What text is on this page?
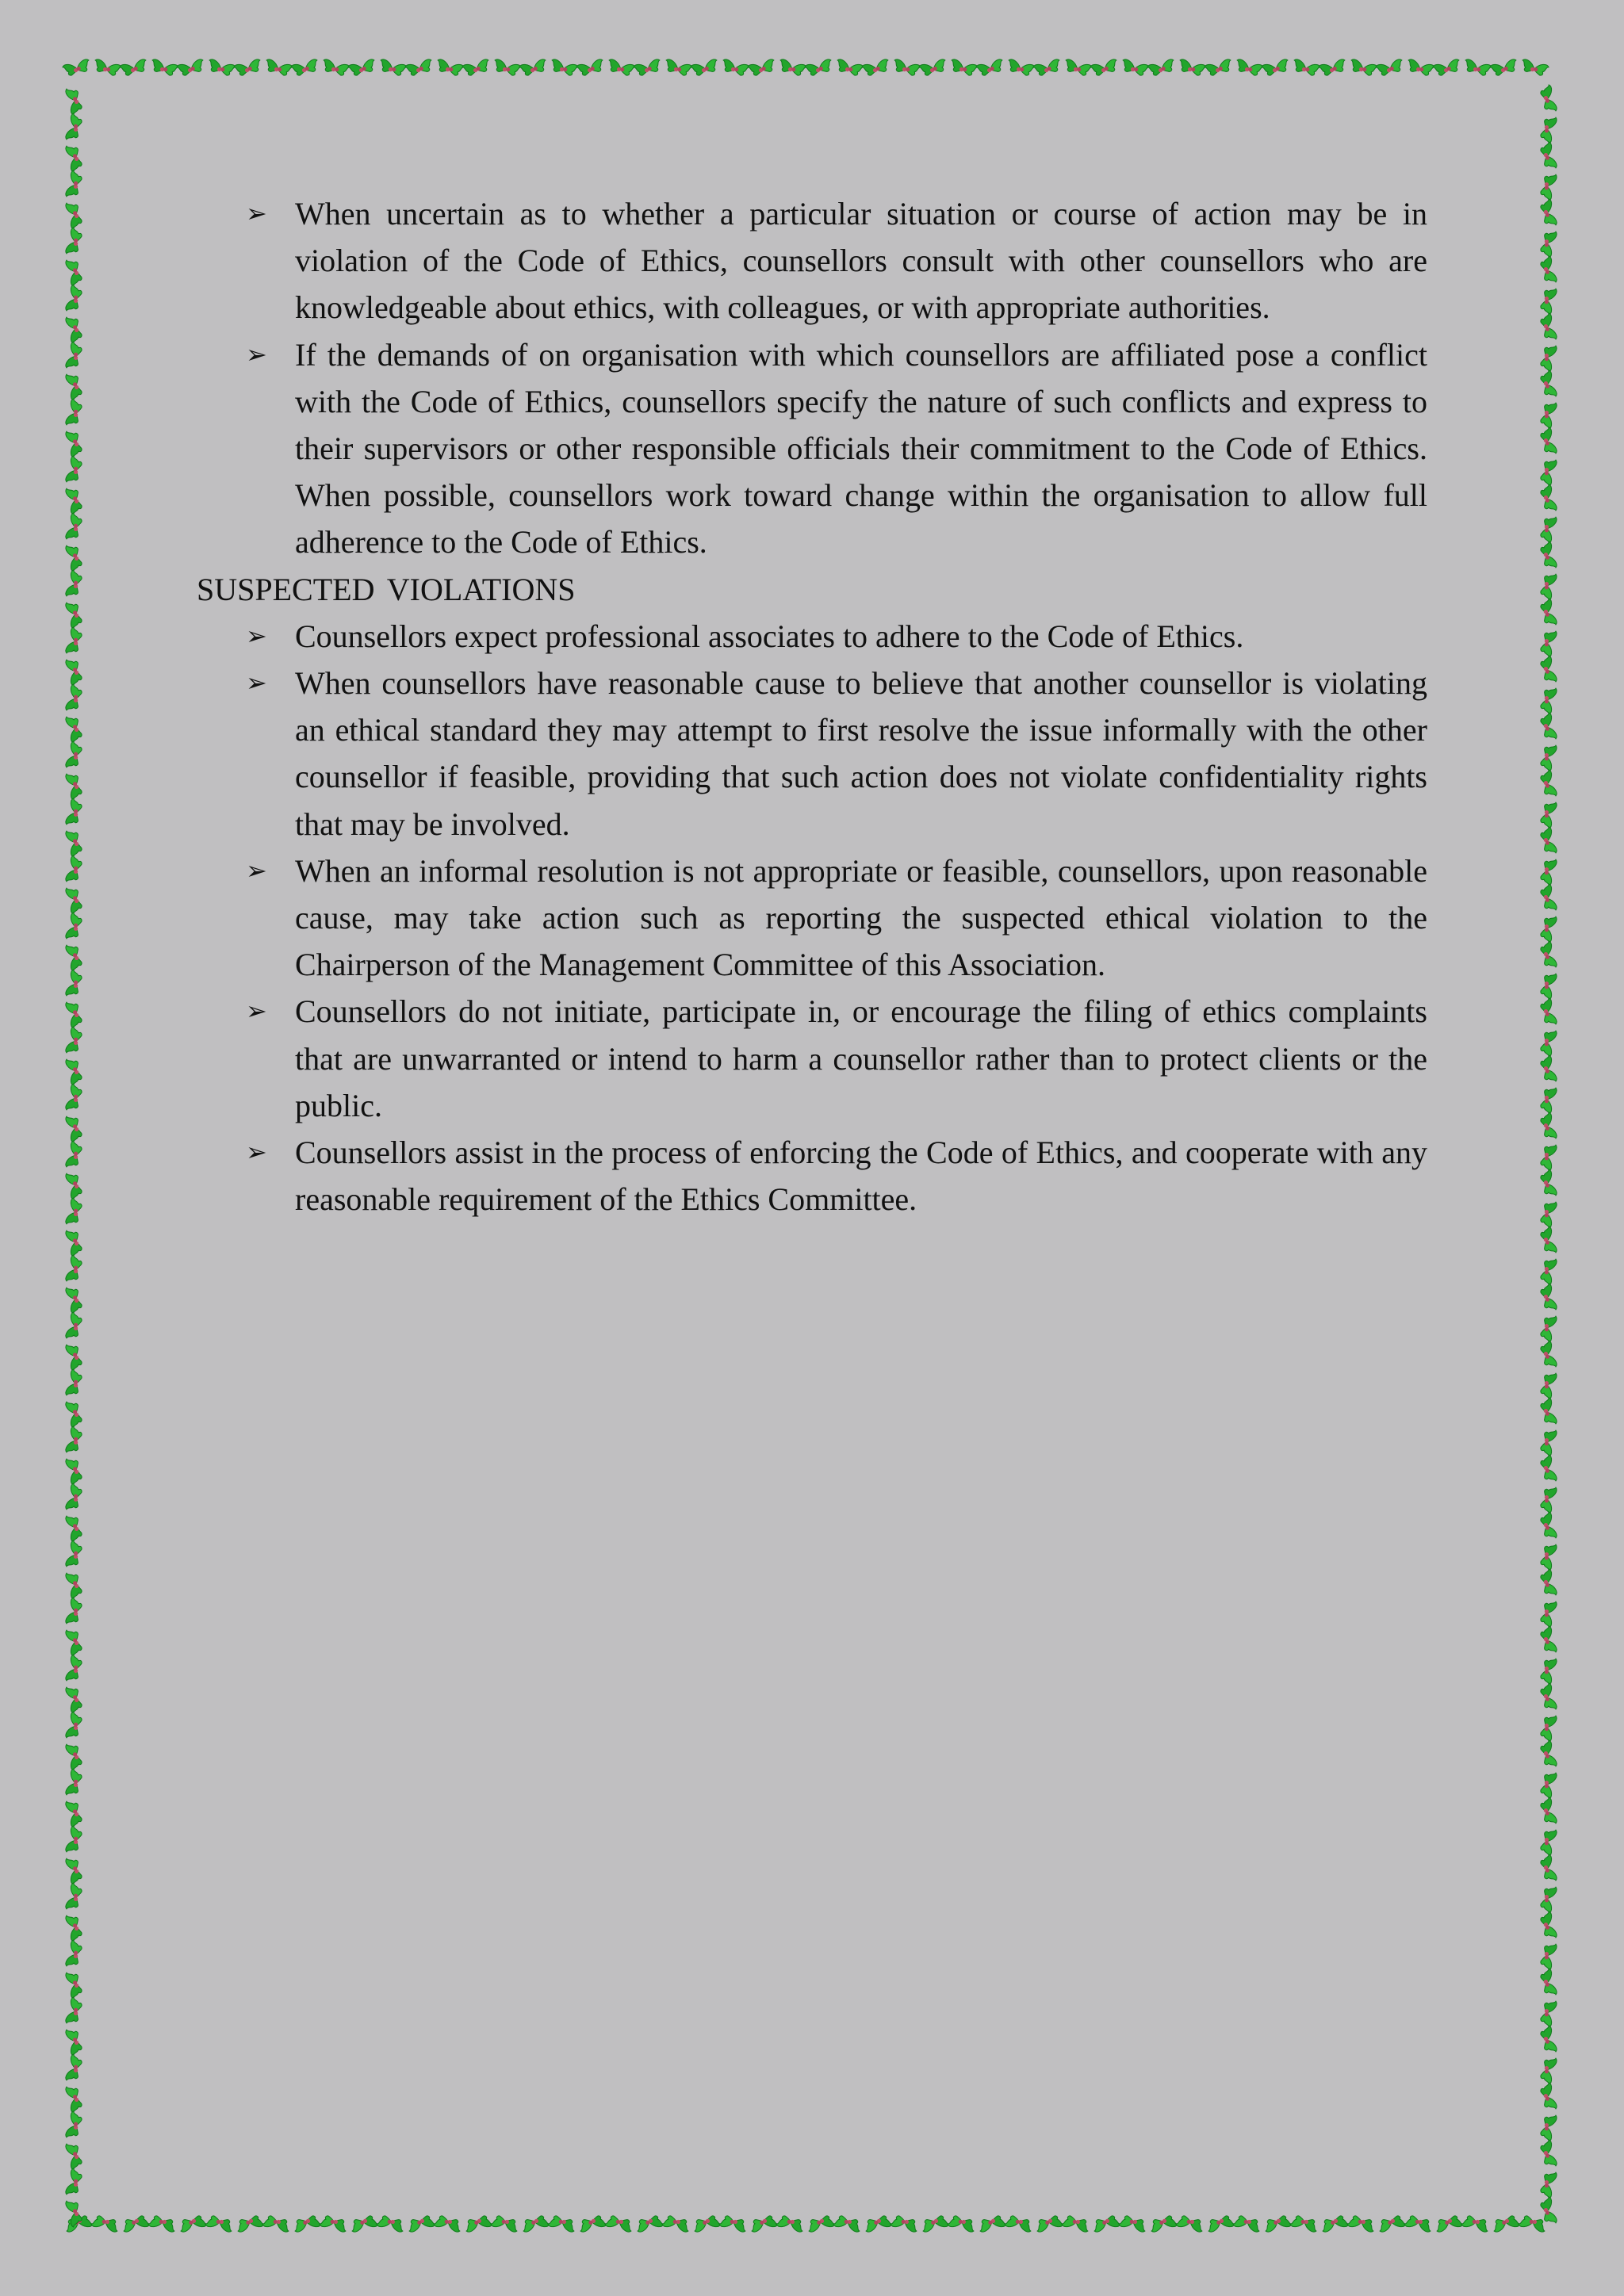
➢ When uncertain as to whether a particular situation or course of action may be in violation of the Code of Ethics, counsellors consult with other counsellors who are knowledgeable about ethics, with colleagues, or with appropriate authorities.
➢ If the demands of on organisation with which counsellors are affiliated pose a conflict with the Code of Ethics, counsellors specify the nature of such conflicts and express to their supervisors or other responsible officials their commitment to the Code of Ethics. When possible, counsellors work toward change within the organisation to allow full adherence to the Code of Ethics.
SUSPECTED VIOLATIONS
➢ Counsellors expect professional associates to adhere to the Code of Ethics.
➢ When counsellors have reasonable cause to believe that another counsellor is violating an ethical standard they may attempt to first resolve the issue informally with the other counsellor if feasible, providing that such action does not violate confidentiality rights that may be involved.
➢ When an informal resolution is not appropriate or feasible, counsellors, upon reasonable cause, may take action such as reporting the suspected ethical violation to the Chairperson of the Management Committee of this Association.
➢ Counsellors do not initiate, participate in, or encourage the filing of ethics complaints that are unwarranted or intend to harm a counsellor rather than to protect clients or the public.
➢ Counsellors assist in the process of enforcing the Code of Ethics, and cooperate with any reasonable requirement of the Ethics Committee.
